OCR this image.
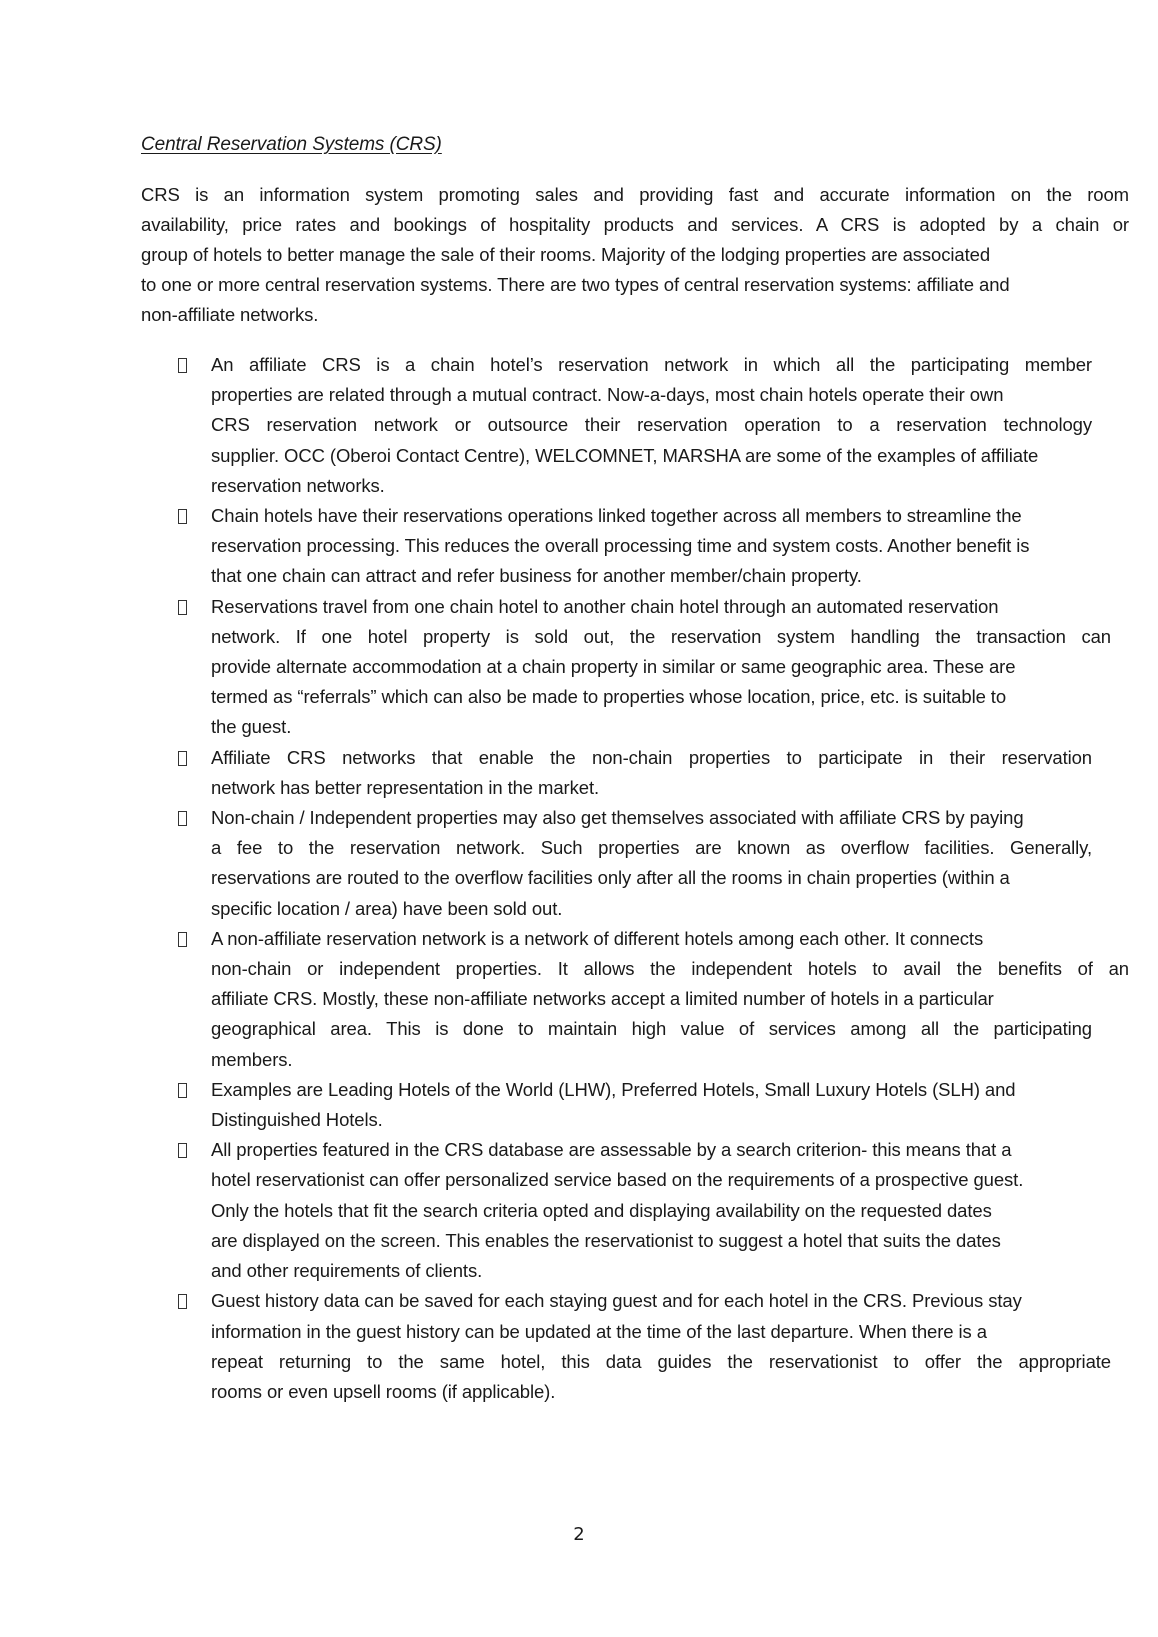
Central Reservation Systems (CRS)

CRS is an information system promoting sales and providing fast and accurate information on the room
availability, price rates and bookings of hospitality products and services. A CRS is adopted by a chain or
group of hotels to better manage the sale of their rooms. Majority of the lodging properties are associated
to one or more central reservation systems. There are two types of central reservation systems: affiliate and
non-affiliate networks.

An affiliate CRS is a chain hotel’s reservation network in which all the participating member
properties are related through a mutual contract. Now-a-days, most chain hotels operate their own
CRS reservation network or outsource their reservation operation to a reservation technology
supplier. OCC (Oberoi Contact Centre), WELCOMNET, MARSHA are some of the examples of affiliate
reservation networks.
Chain hotels have their reservations operations linked together across all members to streamline the
reservation processing. This reduces the overall processing time and system costs. Another benefit is
that one chain can attract and refer business for another member/chain property.
Reservations travel from one chain hotel to another chain hotel through an automated reservation
network. If one hotel property is sold out, the reservation system handling the transaction can
provide alternate accommodation at a chain property in similar or same geographic area. These are
termed as “referrals” which can also be made to properties whose location, price, etc. is suitable to
the guest.
Affiliate CRS networks that enable the non-chain properties to participate in their reservation
network has better representation in the market.
Non-chain / Independent properties may also get themselves associated with affiliate CRS by paying
a fee to the reservation network. Such properties are known as overflow facilities. Generally,
reservations are routed to the overflow facilities only after all the rooms in chain properties (within a
specific location / area) have been sold out.
A non-affiliate reservation network is a network of different hotels among each other. It connects
non-chain or independent properties. It allows the independent hotels to avail the benefits of an
affiliate CRS. Mostly, these non-affiliate networks accept a limited number of hotels in a particular
geographical area. This is done to maintain high value of services among all the participating
members.
Examples are Leading Hotels of the World (LHW), Preferred Hotels, Small Luxury Hotels (SLH) and
Distinguished Hotels.
All properties featured in the CRS database are assessable by a search criterion- this means that a
hotel reservationist can offer personalized service based on the requirements of a prospective guest.
Only the hotels that fit the search criteria opted and displaying availability on the requested dates
are displayed on the screen. This enables the reservationist to suggest a hotel that suits the dates
and other requirements of clients.
Guest history data can be saved for each staying guest and for each hotel in the CRS. Previous stay
information in the guest history can be updated at the time of the last departure. When there is a
repeat returning to the same hotel, this data guides the reservationist to offer the appropriate
rooms or even upsell rooms (if applicable).
2
